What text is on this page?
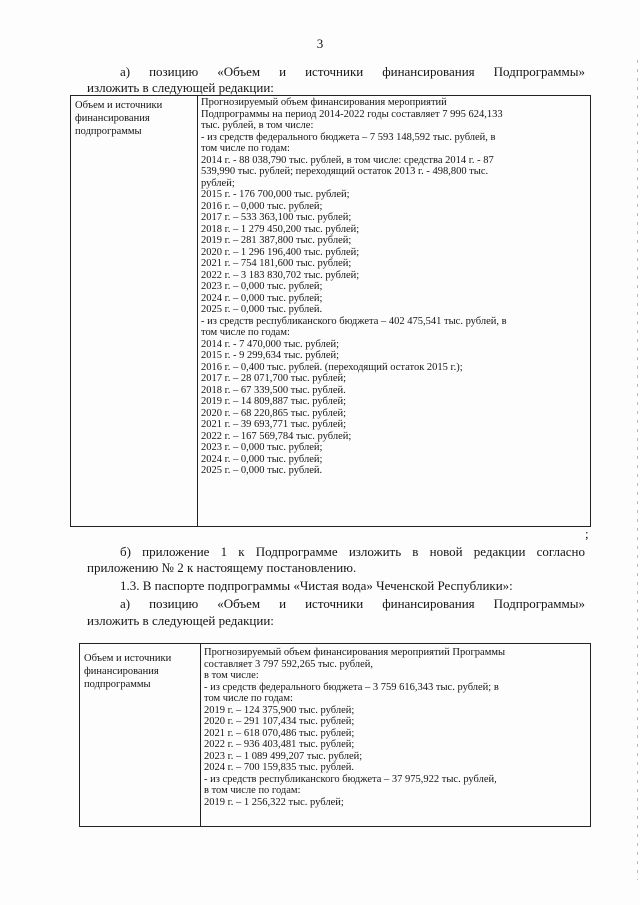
3
а) позицию «Объем и источники финансирования Подпрограммы»
изложить в следующей редакции:
Объем и источники финансирования подпрограммы
Прогнозируемый объем финансирования мероприятий
Подпрограммы на период 2014-2022 годы составляет 7 995 624,133
тыс. рублей, в том числе:
- из средств федерального бюджета – 7 593 148,592 тыс. рублей, в
том числе по годам:
2014 г. - 88 038,790 тыс. рублей, в том числе: средства 2014 г. - 87
539,990 тыс. рублей; переходящий остаток 2013 г. - 498,800 тыс.
рублей;
2015 г. - 176 700,000 тыс. рублей;
2016 г. – 0,000 тыс. рублей;
2017 г. – 533 363,100 тыс. рублей;
2018 г. – 1 279 450,200 тыс. рублей;
2019 г. – 281 387,800 тыс. рублей;
2020 г. – 1 296 196,400 тыс. рублей;
2021 г. – 754 181,600 тыс. рублей;
2022 г. – 3 183 830,702 тыс. рублей;
2023 г. – 0,000 тыс. рублей;
2024 г. – 0,000 тыс. рублей;
2025 г. – 0,000 тыс. рублей.
- из средств республиканского бюджета – 402 475,541 тыс. рублей, в
том числе по годам:
2014 г. - 7 470,000 тыс. рублей;
2015 г. - 9 299,634 тыс. рублей;
2016 г. – 0,400 тыс. рублей. (переходящий остаток 2015 г.);
2017 г. – 28 071,700 тыс. рублей;
2018 г. – 67 339,500 тыс. рублей.
2019 г. – 14 809,887 тыс. рублей;
2020 г. – 68 220,865 тыс. рублей;
2021 г. – 39 693,771 тыс. рублей;
2022 г. – 167 569,784 тыс. рублей;
2023 г. – 0,000 тыс. рублей;
2024 г. – 0,000 тыс. рублей;
2025 г. – 0,000 тыс. рублей.
;
б) приложение 1 к Подпрограмме изложить в новой редакции согласно
приложению № 2 к настоящему постановлению.
1.3. В паспорте подпрограммы «Чистая вода» Чеченской Республики»:
а) позицию «Объем и источники финансирования Подпрограммы»
изложить в следующей редакции:
Объем и источники финансирования подпрограммы
Прогнозируемый объем финансирования мероприятий Программы
составляет 3 797 592,265 тыс. рублей,
в том числе:
- из средств федерального бюджета – 3 759 616,343 тыс. рублей; в
том числе по годам:
2019 г. – 124 375,900 тыс. рублей;
2020 г. – 291 107,434 тыс. рублей;
2021 г. – 618 070,486 тыс. рублей;
2022 г. – 936 403,481 тыс. рублей;
2023 г. – 1 089 499,207 тыс. рублей;
2024 г. – 700 159,835 тыс. рублей.
- из средств республиканского бюджета – 37 975,922 тыс. рублей,
в том числе по годам:
2019 г. – 1 256,322 тыс. рублей;
